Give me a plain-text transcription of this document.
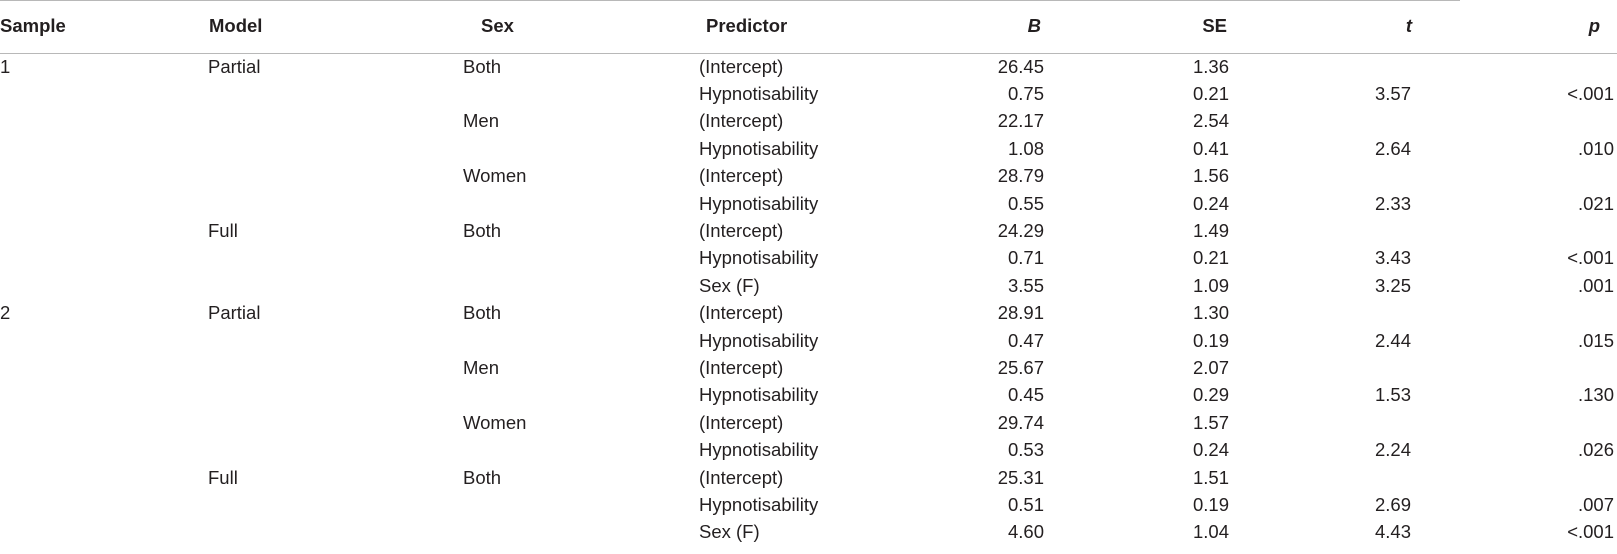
Sample	Model	Sex	Predictor	B	SE	t	p
1	Partial	Both	(Intercept)	26.45	1.36		
			Hypnotisability	0.75	0.21	3.57	<.001
		Men	(Intercept)	22.17	2.54		
			Hypnotisability	1.08	0.41	2.64	.010
		Women	(Intercept)	28.79	1.56		
			Hypnotisability	0.55	0.24	2.33	.021
	Full	Both	(Intercept)	24.29	1.49		
			Hypnotisability	0.71	0.21	3.43	<.001
			Sex (F)	3.55	1.09	3.25	.001
2	Partial	Both	(Intercept)	28.91	1.30		
			Hypnotisability	0.47	0.19	2.44	.015
		Men	(Intercept)	25.67	2.07		
			Hypnotisability	0.45	0.29	1.53	.130
		Women	(Intercept)	29.74	1.57		
			Hypnotisability	0.53	0.24	2.24	.026
	Full	Both	(Intercept)	25.31	1.51		
			Hypnotisability	0.51	0.19	2.69	.007
			Sex (F)	4.60	1.04	4.43	<.001
